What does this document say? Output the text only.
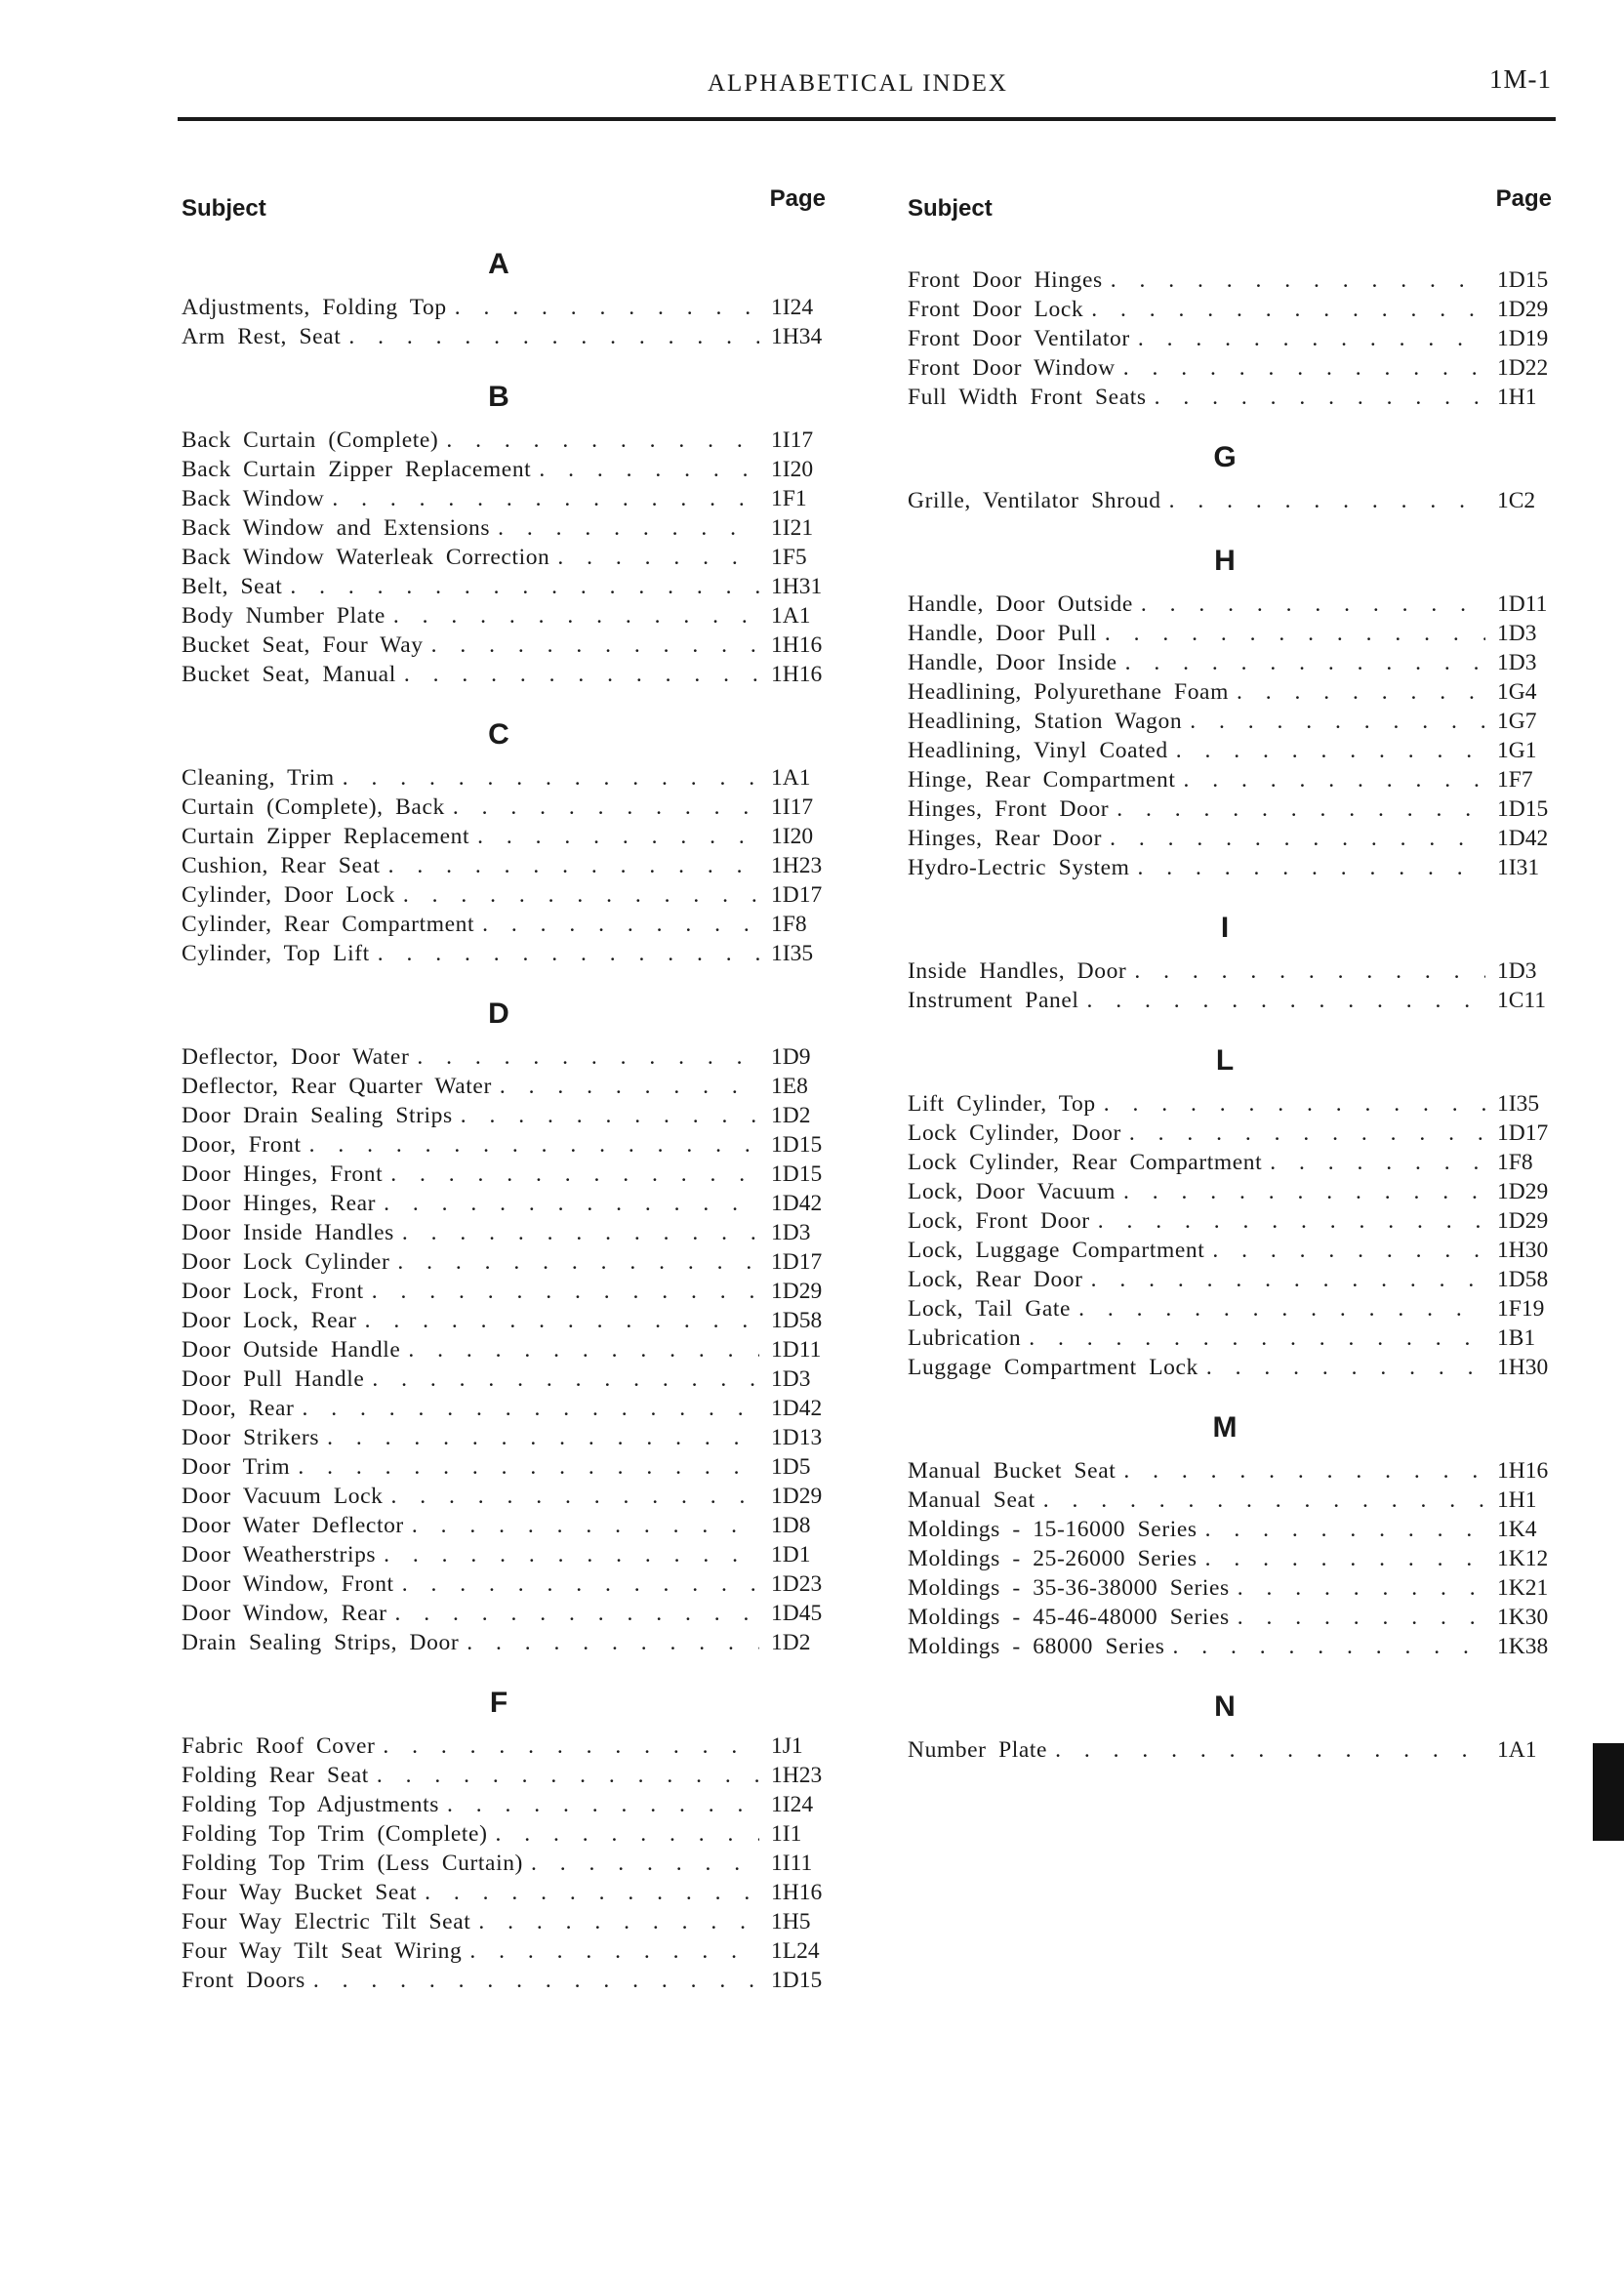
ALPHABETICAL INDEX	1M-1
Subject	Page
A
Adjustments, Folding Top . . .	1I24
Arm Rest, Seat . . .	1H34
B
Back Curtain (Complete) . . .	1I17
Back Curtain Zipper Replacement . . .	1I20
Back Window . . .	1F1
Back Window and Extensions . . .	1I21
Back Window Waterleak Correction . . .	1F5
Belt, Seat . . .	1H31
Body Number Plate . . .	1A1
Bucket Seat, Four Way . . .	1H16
Bucket Seat, Manual . . .	1H16
C
Cleaning, Trim . . .	1A1
Curtain (Complete), Back . . .	1I17
Curtain Zipper Replacement . . .	1I20
Cushion, Rear Seat . . .	1H23
Cylinder, Door Lock . . .	1D17
Cylinder, Rear Compartment . . .	1F8
Cylinder, Top Lift . . .	1I35
D
Deflector, Door Water . . .	1D9
Deflector, Rear Quarter Water . . .	1E8
Door Drain Sealing Strips . . .	1D2
Door, Front . . .	1D15
Door Hinges, Front . . .	1D15
Door Hinges, Rear . . .	1D42
Door Inside Handles . . .	1D3
Door Lock Cylinder . . .	1D17
Door Lock, Front . . .	1D29
Door Lock, Rear . . .	1D58
Door Outside Handle . . .	1D11
Door Pull Handle . . .	1D3
Door, Rear . . .	1D42
Door Strikers . . .	1D13
Door Trim . . .	1D5
Door Vacuum Lock . . .	1D29
Door Water Deflector . . .	1D8
Door Weatherstrips . . .	1D1
Door Window, Front . . .	1D23
Door Window, Rear . . .	1D45
Drain Sealing Strips, Door . . .	1D2
F
Fabric Roof Cover . . .	1J1
Folding Rear Seat . . .	1H23
Folding Top Adjustments . . .	1I24
Folding Top Trim (Complete) . . .	1I1
Folding Top Trim (Less Curtain) . . .	1I11
Four Way Bucket Seat . . .	1H16
Four Way Electric Tilt Seat . . .	1H5
Four Way Tilt Seat Wiring . . .	1L24
Front Doors . . .	1D15
Subject	Page
Front Door Hinges . . .	1D15
Front Door Lock . . .	1D29
Front Door Ventilator . . .	1D19
Front Door Window . . .	1D22
Full Width Front Seats . . .	1H1
G
Grille, Ventilator Shroud . . .	1C2
H
Handle, Door Outside . . .	1D11
Handle, Door Pull . . .	1D3
Handle, Door Inside . . .	1D3
Headlining, Polyurethane Foam . . .	1G4
Headlining, Station Wagon . . .	1G7
Headlining, Vinyl Coated . . .	1G1
Hinge, Rear Compartment . . .	1F7
Hinges, Front Door . . .	1D15
Hinges, Rear Door . . .	1D42
Hydro-Lectric System . . .	1I31
I
Inside Handles, Door . . .	1D3
Instrument Panel . . .	1C11
L
Lift Cylinder, Top . . .	1I35
Lock Cylinder, Door . . .	1D17
Lock Cylinder, Rear Compartment . . .	1F8
Lock, Door Vacuum . . .	1D29
Lock, Front Door . . .	1D29
Lock, Luggage Compartment . . .	1H30
Lock, Rear Door . . .	1D58
Lock, Tail Gate . . .	1F19
Lubrication . . .	1B1
Luggage Compartment Lock . . .	1H30
M
Manual Bucket Seat . . .	1H16
Manual Seat . . .	1H1
Moldings - 15-16000 Series . . .	1K4
Moldings - 25-26000 Series . . .	1K12
Moldings - 35-36-38000 Series . . .	1K21
Moldings - 45-46-48000 Series . . .	1K30
Moldings - 68000 Series . . .	1K38
N
Number Plate . . .	1A1
